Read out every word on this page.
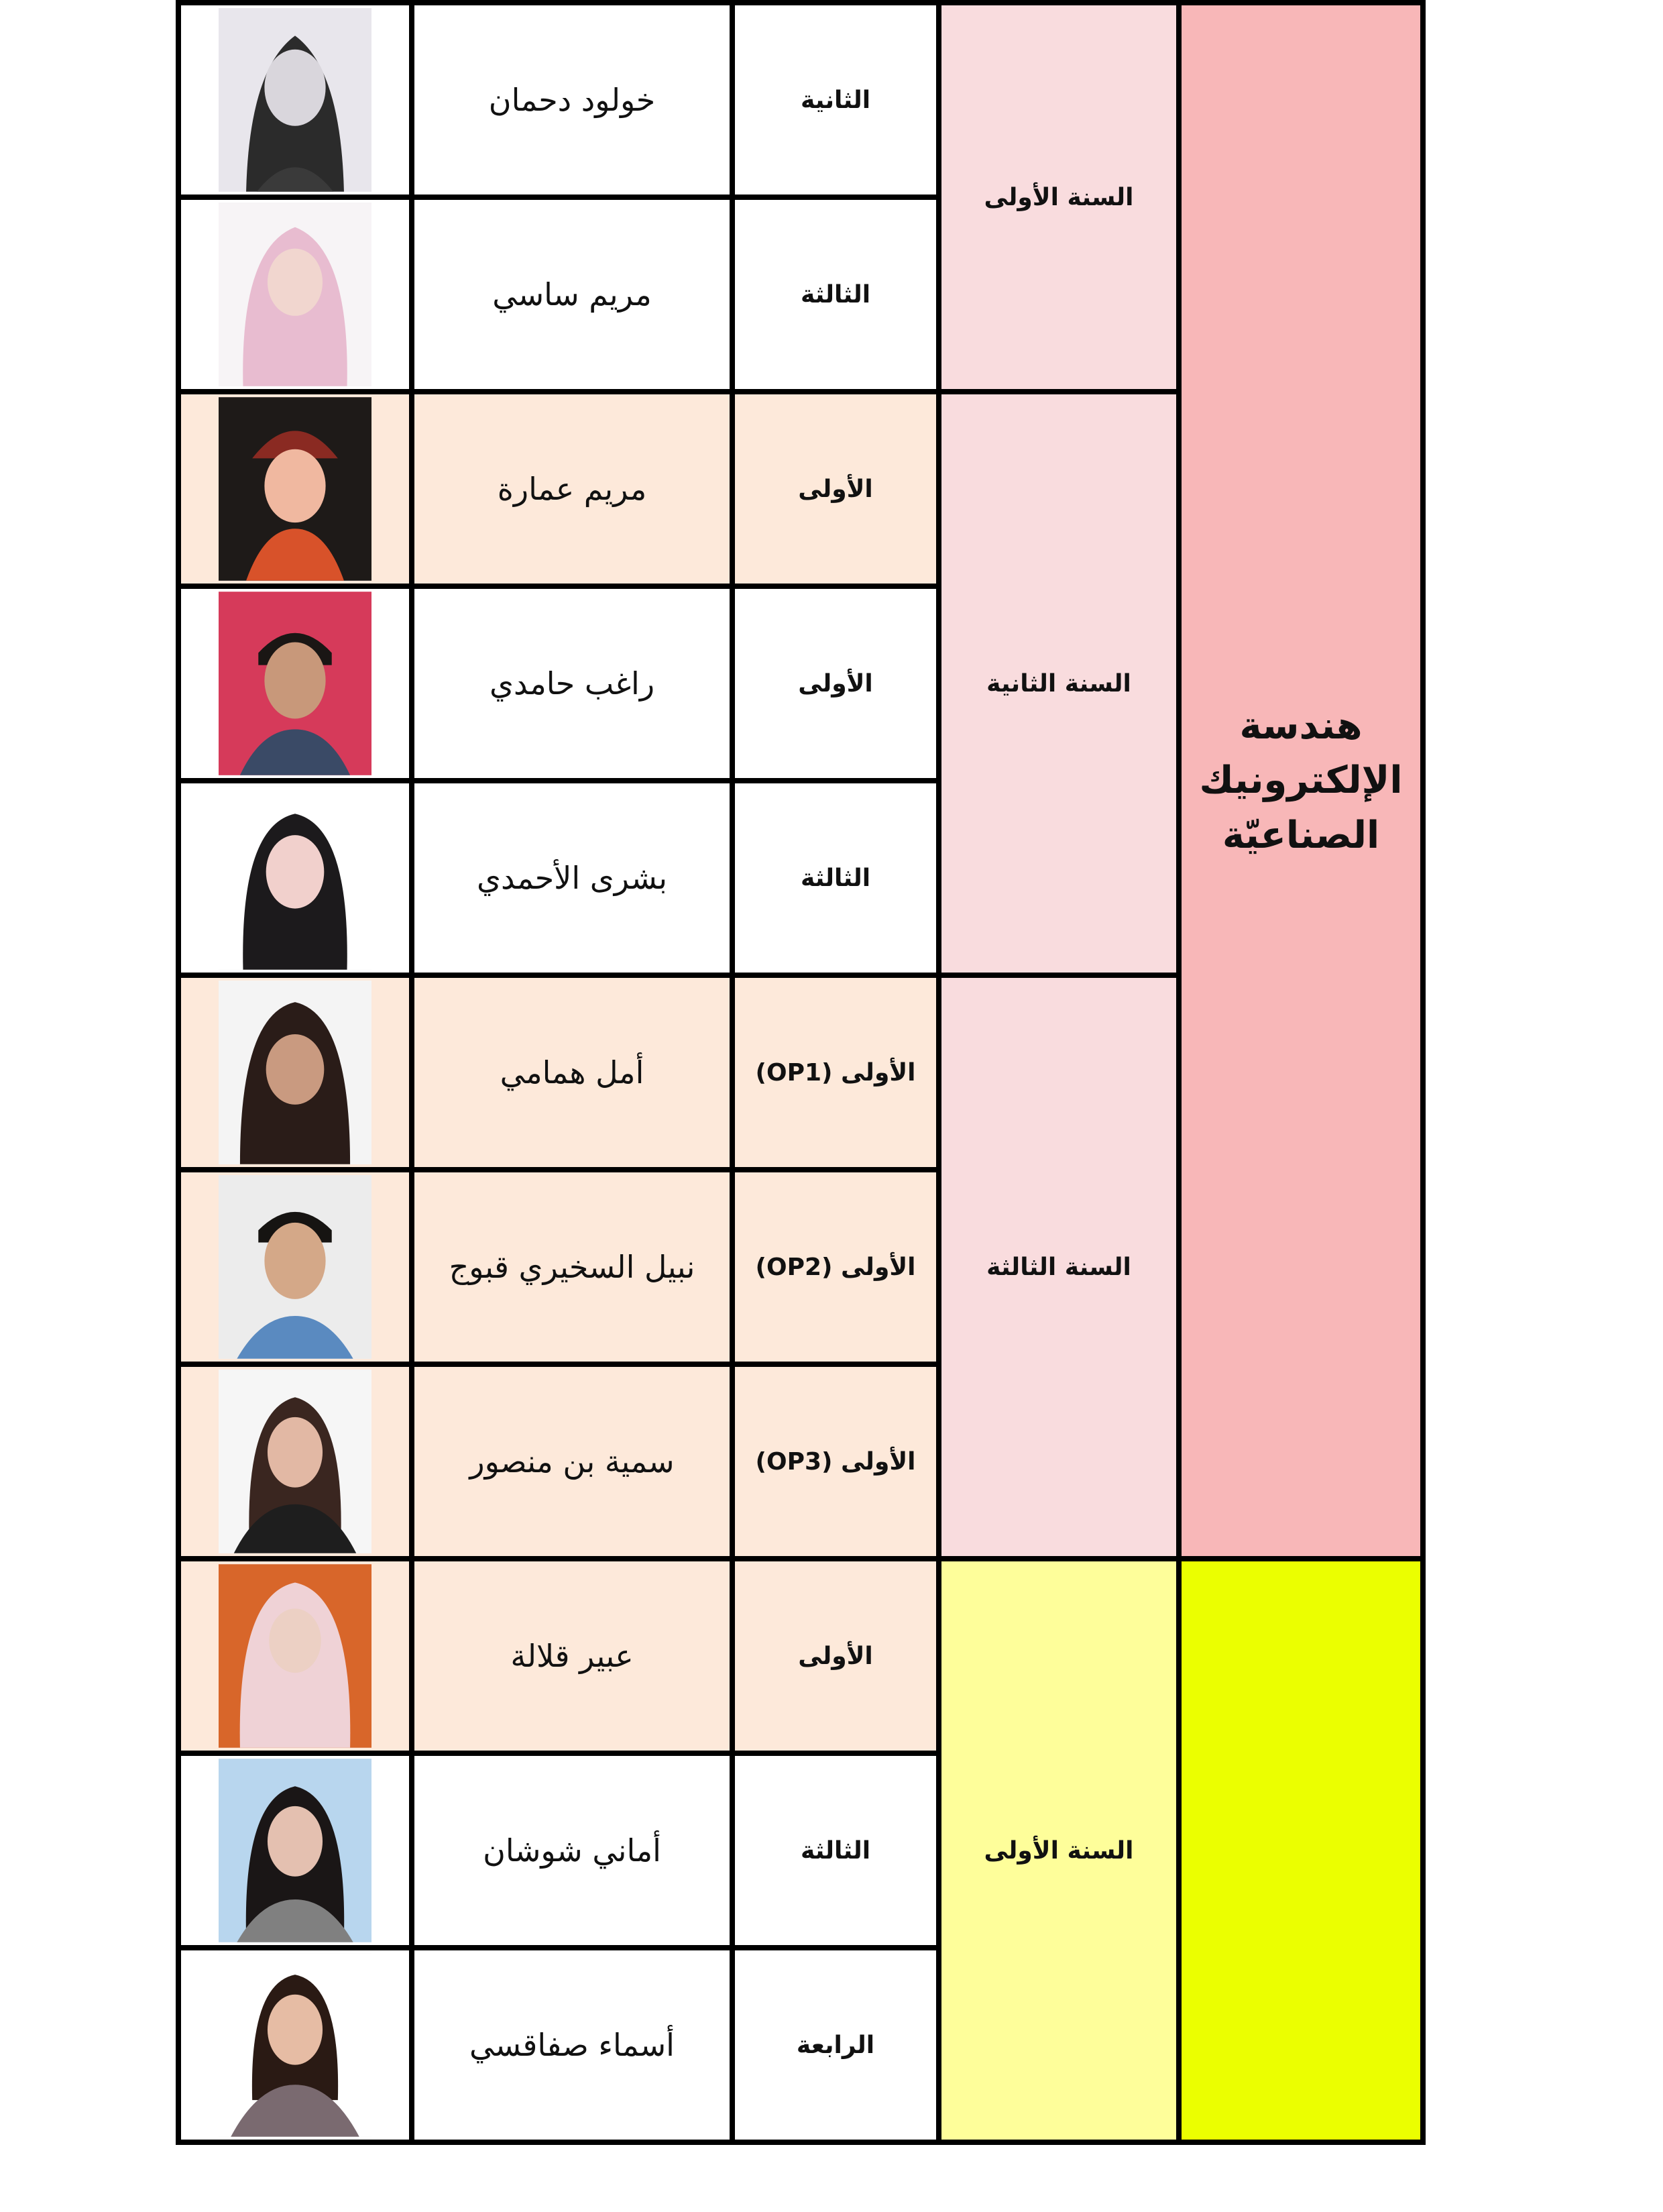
	خولود دحمان	الثانية	السنة الأولى	هندسة الإلكترونيك الصناعيّة

	مريم ساسي	الثالثة		

	مريم عمارة	الأولى	السنة الثانية	

	راغب حامدي	الأولى		

	بشرى الأحمدي	الثالثة		

	أمل همامي	الأولى (OP1)	السنة الثالثة	

	نبيل السخيري قبوج	الأولى (OP2)		

	سمية بن منصور	الأولى (OP3)		

	عبير قلالة	الأولى	السنة الأولى	

	أماني شوشان	الثالثة		

	أسماء صفاقسي	الرابعة		
